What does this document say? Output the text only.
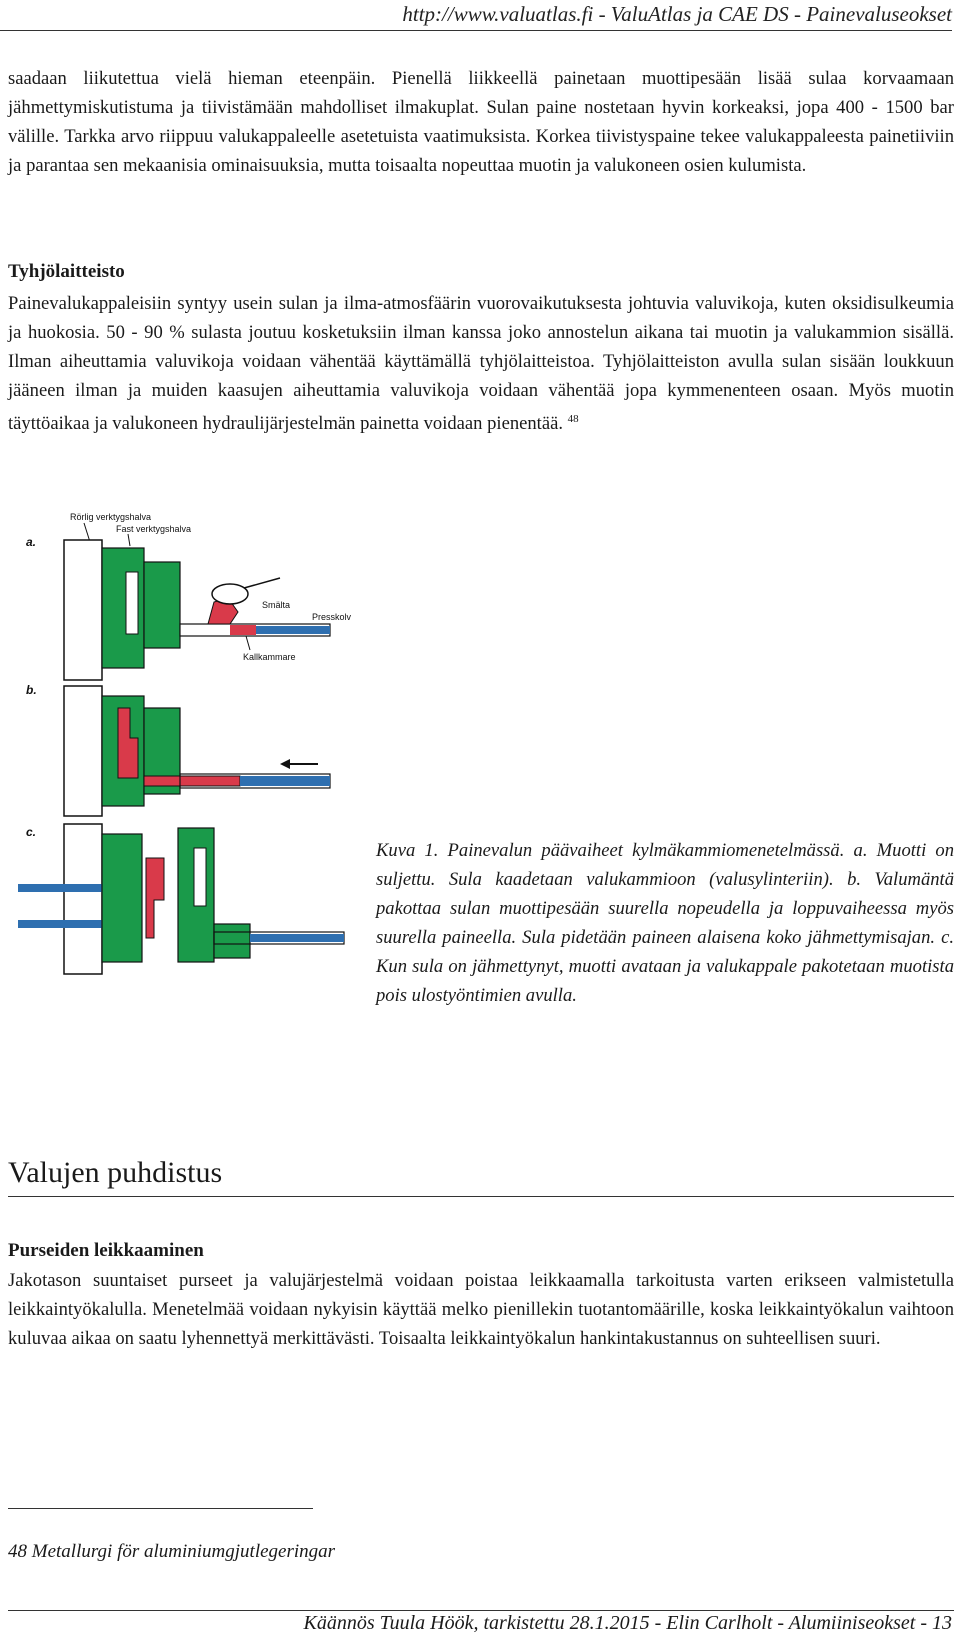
http://www.valuatlas.fi - ValuAtlas ja CAE DS - Painevaluseokset
saadaan liikutettua vielä hieman eteenpäin. Pienellä liikkeellä painetaan muottipesään lisää sulaa korvaamaan jähmettymiskutistuma ja tiivistämään mahdolliset ilmakuplat. Sulan paine nostetaan hyvin korkeaksi, jopa 400 - 1500 bar välille. Tarkka arvo riippuu valukappaleelle asetetuista vaatimuksista. Korkea tiivistyspaine tekee valukappaleesta painetiiviin ja parantaa sen mekaanisia ominaisuuksia, mutta toisaalta nopeuttaa muotin ja valukoneen osien kulumista.
Tyhjölaitteisto
Painevalukappaleisiin syntyy usein sulan ja ilma-atmosfäärin vuorovaikutuksesta johtuvia valuvikoja, kuten oksidisulkeumia ja huokosia. 50 - 90 % sulasta joutuu kosketuksiin ilman kanssa joko annostelun aikana tai muotin ja valukammion sisällä. Ilman aiheuttamia valuvikoja voidaan vähentää käyttämällä tyhjölaitteistoa. Tyhjölaitteiston avulla sulan sisään loukkuun jääneen ilman ja muiden kaasujen aiheuttamia valuvikoja voidaan vähentää jopa kymmenenteen osaan. Myös muotin täyttöaikaa ja valukoneen hydraulijärjestelmän painetta voidaan pienentää. $^{48}$
a.
Rörlig verktygshalva
Fast verktygshalva
Smälta
Presskolv
Kallkammare
b.
c.
Kuva 1. Painevalun päävaiheet kylmäkammiomenetelmässä. a. Muotti on suljettu. Sula kaadetaan valukammioon (valusylinteriin). b. Valumäntä pakottaa sulan muottipesään suurella nopeudella ja loppuvaiheessa myös suurella paineella. Sula pidetään paineen alaisena koko jähmettymisajan. c. Kun sula on jähmettynyt, muotti avataan ja valukappale pakotetaan muotista pois ulostyöntimien avulla.
Valujen puhdistus
Purseiden leikkaaminen
Jakotason suuntaiset purseet ja valujärjestelmä voidaan poistaa leikkaamalla tarkoitusta varten erikseen valmistetulla leikkaintyökalulla. Menetelmää voidaan nykyisin käyttää melko pienillekin tuotantomäärille, koska leikkaintyökalun vaihtoon kuluvaa aikaa on saatu lyhennettyä merkittävästi. Toisaalta leikkaintyökalun hankintakustannus on suhteellisen suuri.
48 Metallurgi för aluminiumgjutlegeringar
Käännös Tuula Höök, tarkistettu 28.1.2015 - Elin Carlholt - Alumiiniseokset - 13
